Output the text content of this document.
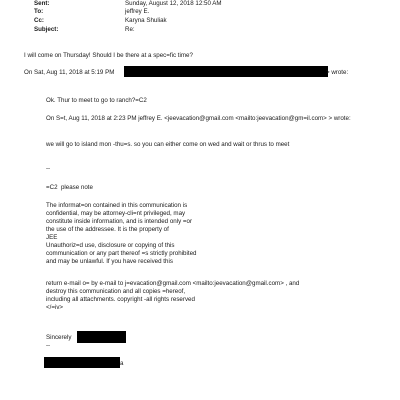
Sent:	Sunday, August 12, 2018 12:50 AM
To:	jeffrey E.
Cc:	Karyna Shuliak
Subject:	Re:
I will come on Thursday! Should I be there at a spec=fic time?
On Sat, Aug 11, 2018 at 5:19 PM	> wrote:
Ok. Thur to meet to go to ranch?=C2
On S=t, Aug 11, 2018 at 2:23 PM jeffrey E. <jeevacation@gmail.com <mailto:jeevacation@gm=il.com> > wrote:
we will go to island mon -thu=s. so you can either come on wed and wait or thrus to meet
--
=C2  please note
The informat=on contained in this communication is
confidential, may be attorney-cli=nt privileged, may
constitute inside information, and is intended only =or
the use of the addressee. It is the property of
JEE
Unauthoriz=d use, disclosure or copying of this
communication or any part thereof =s strictly prohibited
and may be unlawful. If you have received this
return e-mail o= by e-mail to j=evacation@gmail.com <mailto:jeevacation@gmail.com> , and
destroy this communication and all copies =hereof,
including all attachments. copyright -all rights reserved
</=iv>
Sincerely
--
a
